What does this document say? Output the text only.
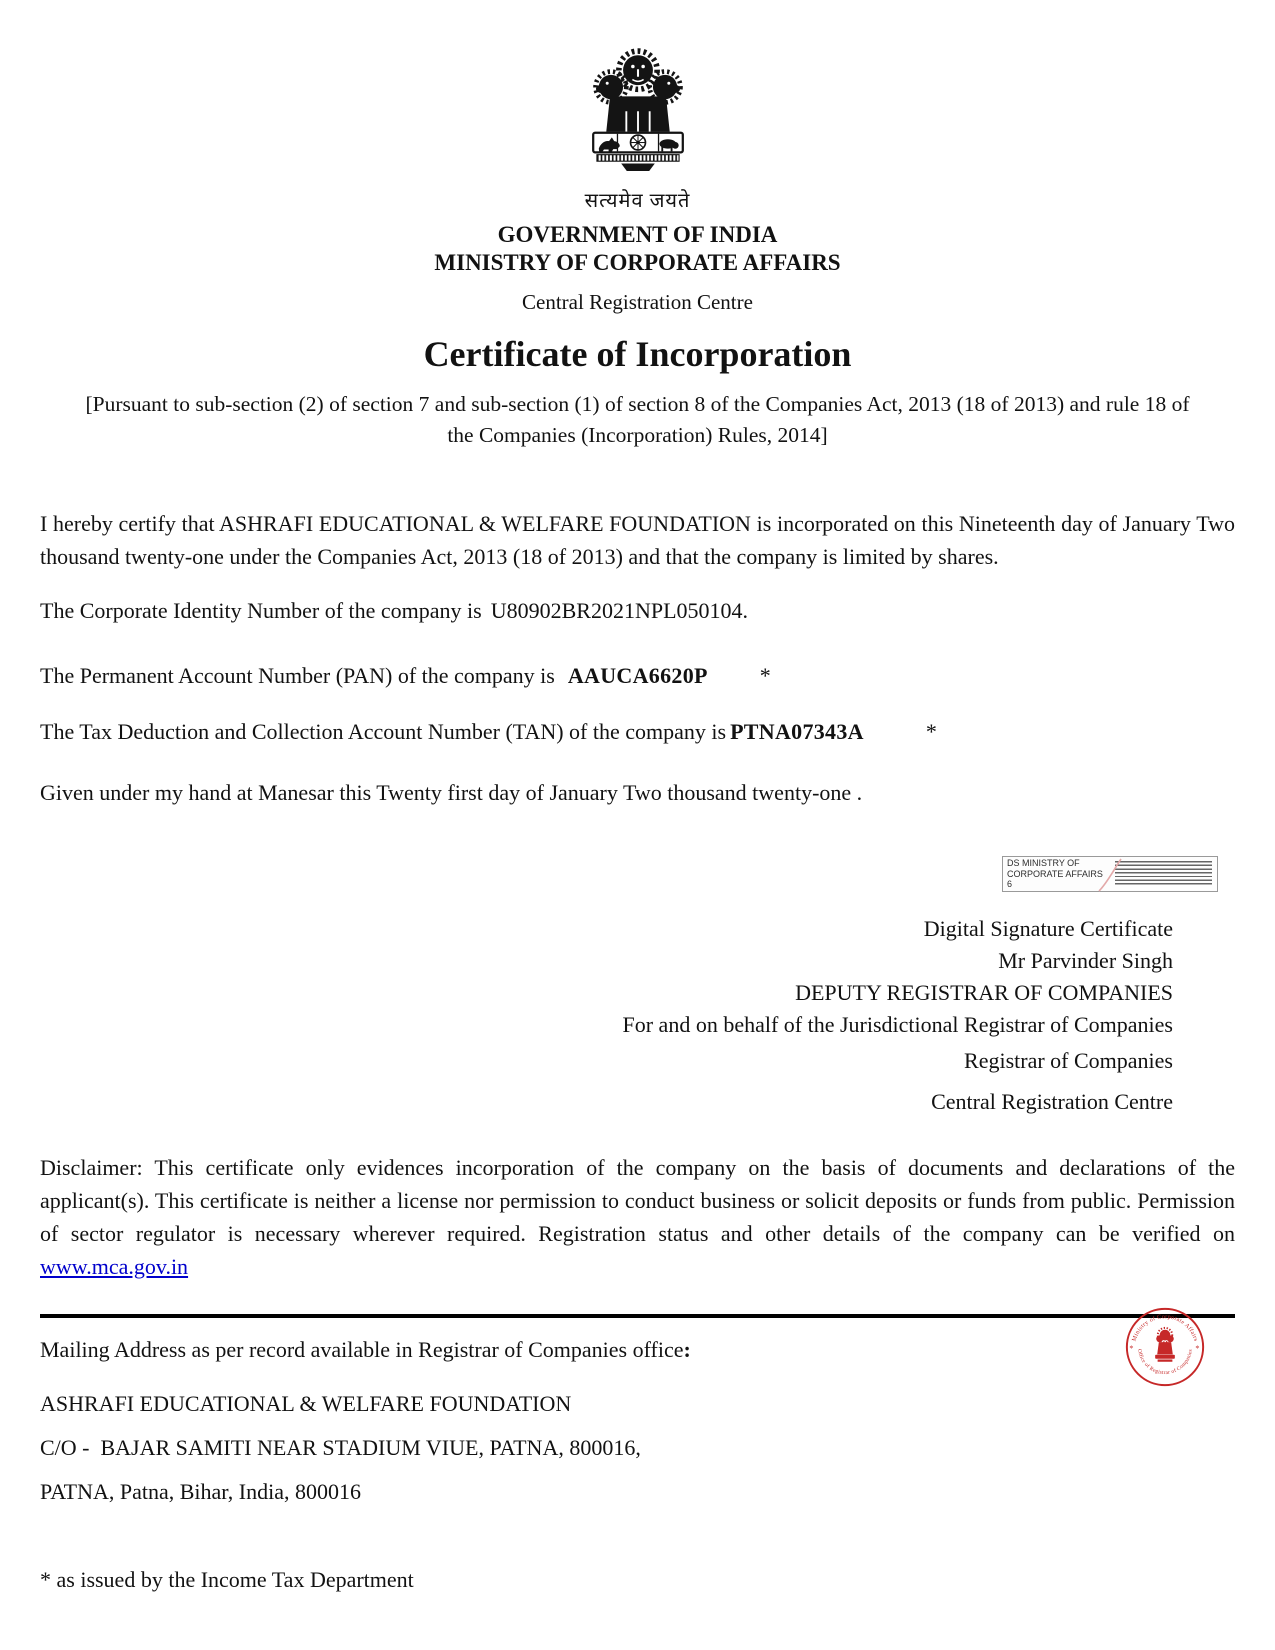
सत्यमेव जयते
GOVERNMENT OF INDIA
MINISTRY OF CORPORATE AFFAIRS
Central Registration Centre
Certificate of Incorporation
[Pursuant to sub-section (2) of section 7 and sub-section (1) of section 8 of the Companies Act, 2013 (18 of 2013) and rule 18 of the Companies (Incorporation) Rules, 2014]
I hereby certify that ASHRAFI EDUCATIONAL & WELFARE FOUNDATION is incorporated on this Nineteenth day of January Two thousand twenty-one under the Companies Act, 2013 (18 of 2013) and that the company is limited by shares.
The Corporate Identity Number of the company is U80902BR2021NPL050104.
The Permanent Account Number (PAN) of the company is AAUCA6620P *
The Tax Deduction and Collection Account Number (TAN) of the company is PTNA07343A	*
Given under my hand at Manesar this Twenty first day of January Two thousand twenty-one .
DS MINISTRY OF
CORPORATE AFFAIRS 6
Digital Signature Certificate
Mr Parvinder Singh
DEPUTY REGISTRAR OF COMPANIES
For and on behalf of the Jurisdictional Registrar of Companies
Registrar of Companies
Central Registration Centre
Disclaimer: This certificate only evidences incorporation of the company on the basis of documents and declarations of the applicant(s). This certificate is neither a license nor permission to conduct business or solicit deposits or funds from public. Permission of sector regulator is necessary wherever required. Registration status and other details of the company can be verified on www.mca.gov.in
Mailing Address as per record available in Registrar of Companies office:
ASHRAFI EDUCATIONAL & WELFARE FOUNDATION
C/O -  BAJAR SAMITI NEAR STADIUM VIUE, PATNA, 800016,
PATNA, Patna, Bihar, India, 800016
Ministry of Corporate Affairs
Office of Registrar of Companies
*	*
* as issued by the Income Tax Department
